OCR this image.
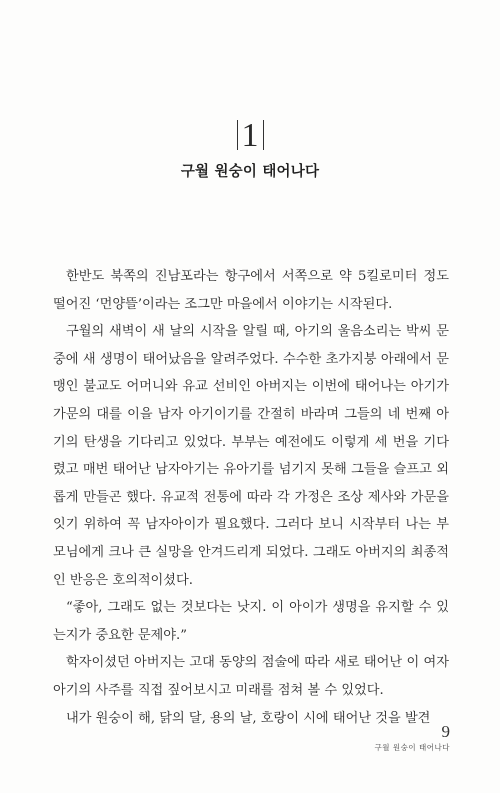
1
구월 원숭이 태어나다

한반도 북쪽의 진남포라는 항구에서 서쪽으로 약 5킬로미터 정도 떨어진 ‘먼양뜰’이라는 조그만 마을에서 이야기는 시작된다.

구월의 새벽이 새 날의 시작을 알릴 때, 아기의 울음소리는 박씨 문중에 새 생명이 태어났음을 알려주었다. 수수한 초가지붕 아래에서 문맹인 불교도 어머니와 유교 선비인 아버지는 이번에 태어나는 아기가 가문의 대를 이을 남자 아기이기를 간절히 바라며 그들의 네 번째 아기의 탄생을 기다리고 있었다. 부부는 예전에도 이렇게 세 번을 기다렸고 매번 태어난 남자아기는 유아기를 넘기지 못해 그들을 슬프고 외롭게 만들곤 했다. 유교적 전통에 따라 각 가정은 조상 제사와 가문을 잇기 위하여 꼭 남자아이가 필요했다. 그러다 보니 시작부터 나는 부모님에게 크나 큰 실망을 안겨드리게 되었다. 그래도 아버지의 최종적인 반응은 호의적이셨다.

“좋아, 그래도 없는 것보다는 낫지. 이 아이가 생명을 유지할 수 있는지가 중요한 문제야.”

학자이셨던 아버지는 고대 동양의 점술에 따라 새로 태어난 이 여자아기의 사주를 직접 짚어보시고 미래를 점쳐 볼 수 있었다.

내가 원숭이 해, 닭의 달, 용의 날, 호랑이 시에 태어난 것을 발견

9
구월 원숭이 태어나다
